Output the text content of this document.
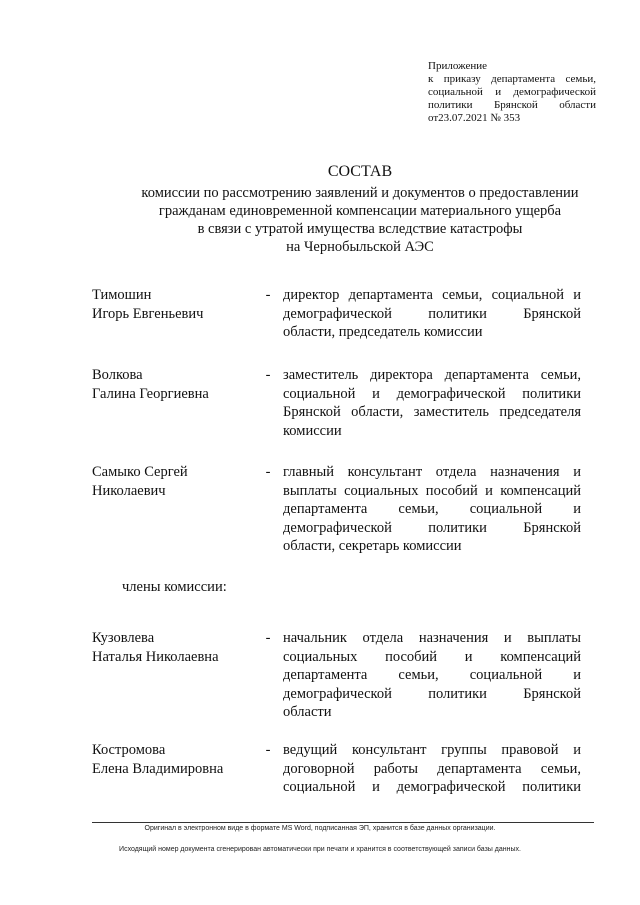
Приложение
к приказу департамента семьи,
социальной и демографической
политики Брянской области
от23.07.2021 № 353
СОСТАВ
комиссии по рассмотрению заявлений и документов о предоставлении
гражданам единовременной компенсации материального ущерба
в связи с утратой имущества вследствие катастрофы
на Чернобыльской АЭС
Тимошин
Игорь Евгеньевич
- директор департамента семьи, социальной и
демографической политики Брянской
области, председатель комиссии
Волкова
Галина Георгиевна
- заместитель директора департамента семьи,
социальной и демографической политики
Брянской области, заместитель председателя
комиссии
Самыко Сергей
Николаевич
- главный консультант отдела назначения и
выплаты социальных пособий и компенсаций
департамента семьи, социальной и
демографической политики Брянской
области, секретарь комиссии
члены комиссии:
Кузовлева
Наталья Николаевна
- начальник отдела назначения и выплаты
социальных пособий и компенсаций
департамента семьи, социальной и
демографической политики Брянской
области
Костромова
Елена Владимировна
- ведущий консультант группы правовой и
договорной работы департамента семьи,
социальной и демографической политики
Оригинал в электронном виде в формате MS Word, подписанная ЭП, хранится в базе данных организации.
Исходящий номер документа сгенерирован автоматически при печати и хранится в соответствующей записи базы данных.
